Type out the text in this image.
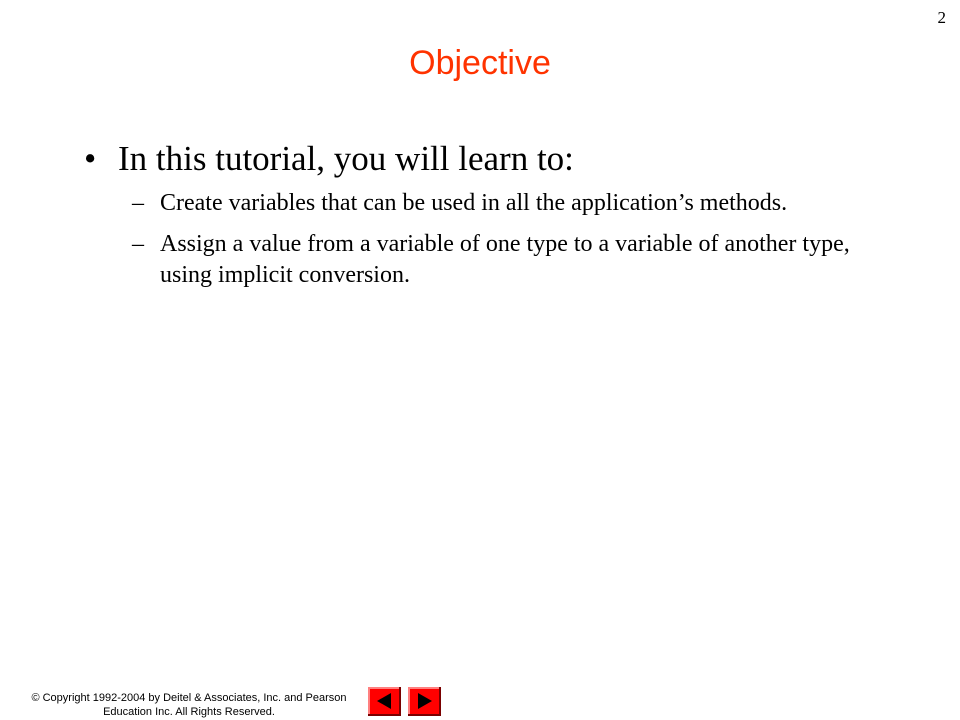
2
Objective
• In this tutorial, you will learn to:
– Create variables that can be used in all the application’s methods.
– Assign a value from a variable of one type to a variable of another type, using implicit conversion.
© Copyright 1992-2004 by Deitel & Associates, Inc. and Pearson
Education Inc. All Rights Reserved.
